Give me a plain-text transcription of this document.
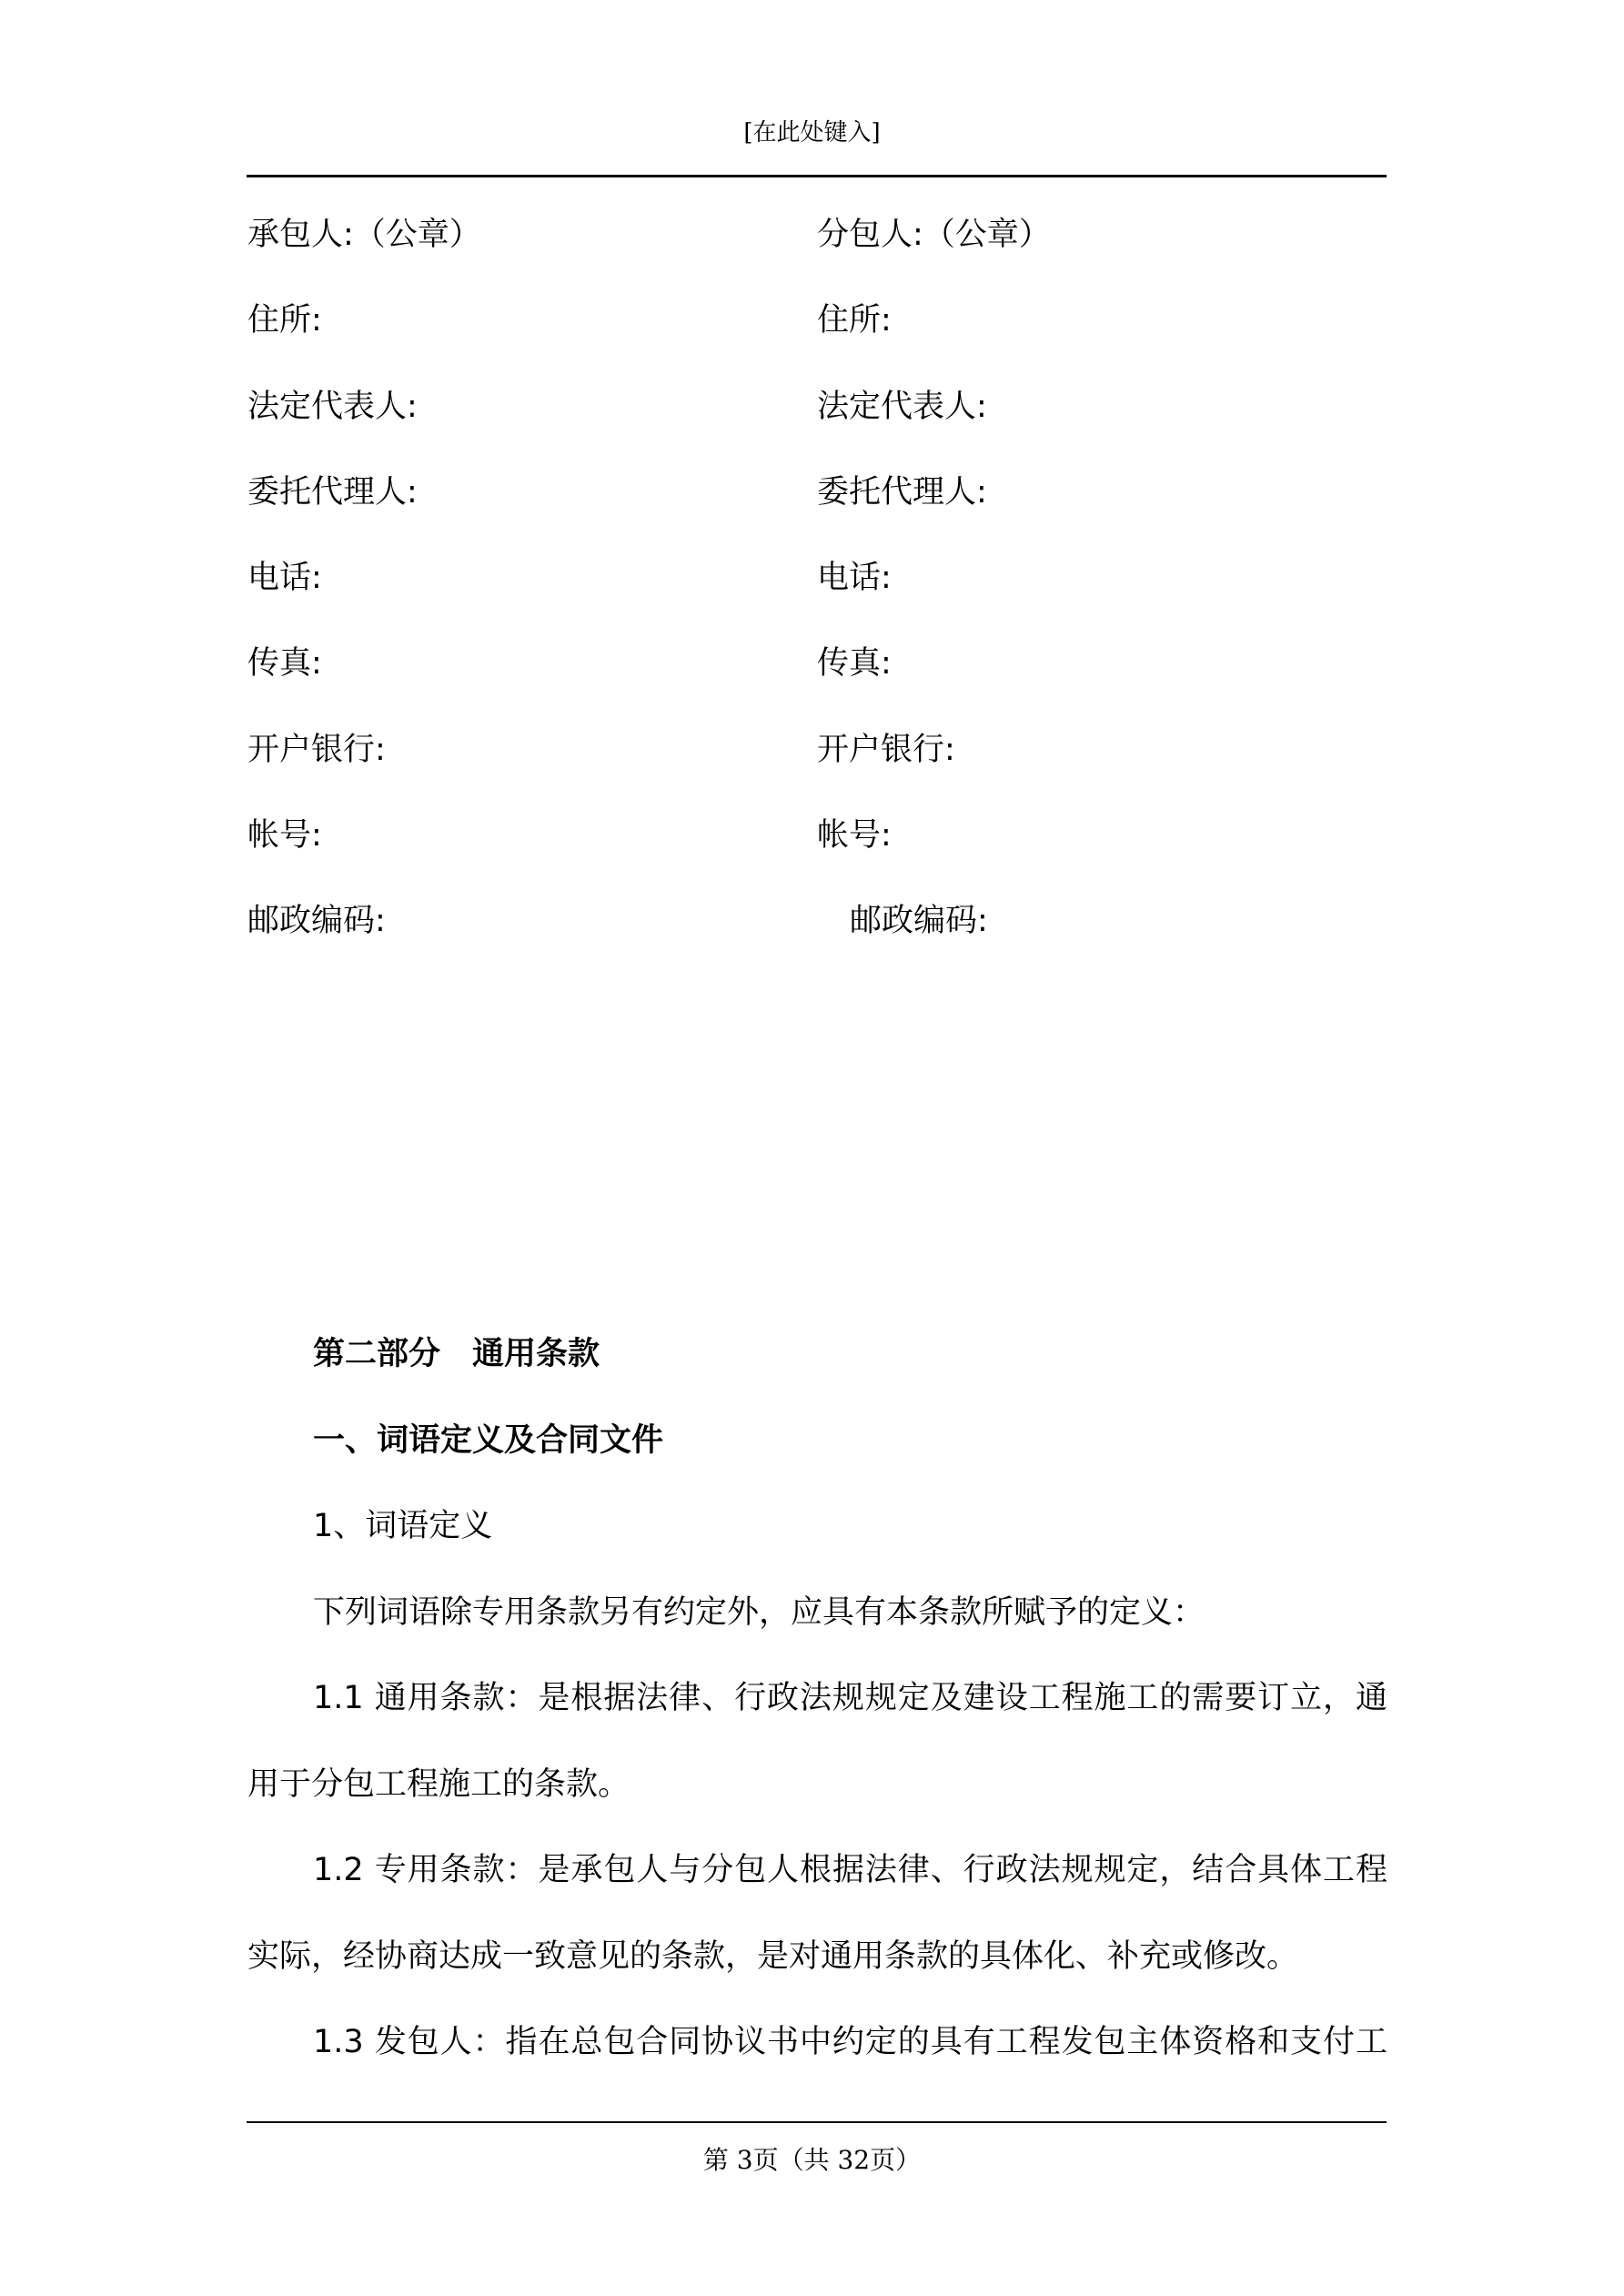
[在此处键入]
承包人:（公章）
住所:
法定代表人:
委托代理人:
电话:
传真:
开户银行:
帐号:
邮政编码:
分包人:（公章）
住所:
法定代表人:
委托代理人:
电话:
传真:
开户银行:
帐号:
邮政编码:
第二部分　通用条款
一、词语定义及合同文件
1、词语定义
下列词语除专用条款另有约定外，应具有本条款所赋予的定义：
1.1 通用条款：是根据法律、行政法规规定及建设工程施工的需要订立，通
用于分包工程施工的条款。
1.2 专用条款：是承包人与分包人根据法律、行政法规规定，结合具体工程
实际，经协商达成一致意见的条款，是对通用条款的具体化、补充或修改。
1.3 发包人：指在总包合同协议书中约定的具有工程发包主体资格和支付工
第 3页（共 32页）
